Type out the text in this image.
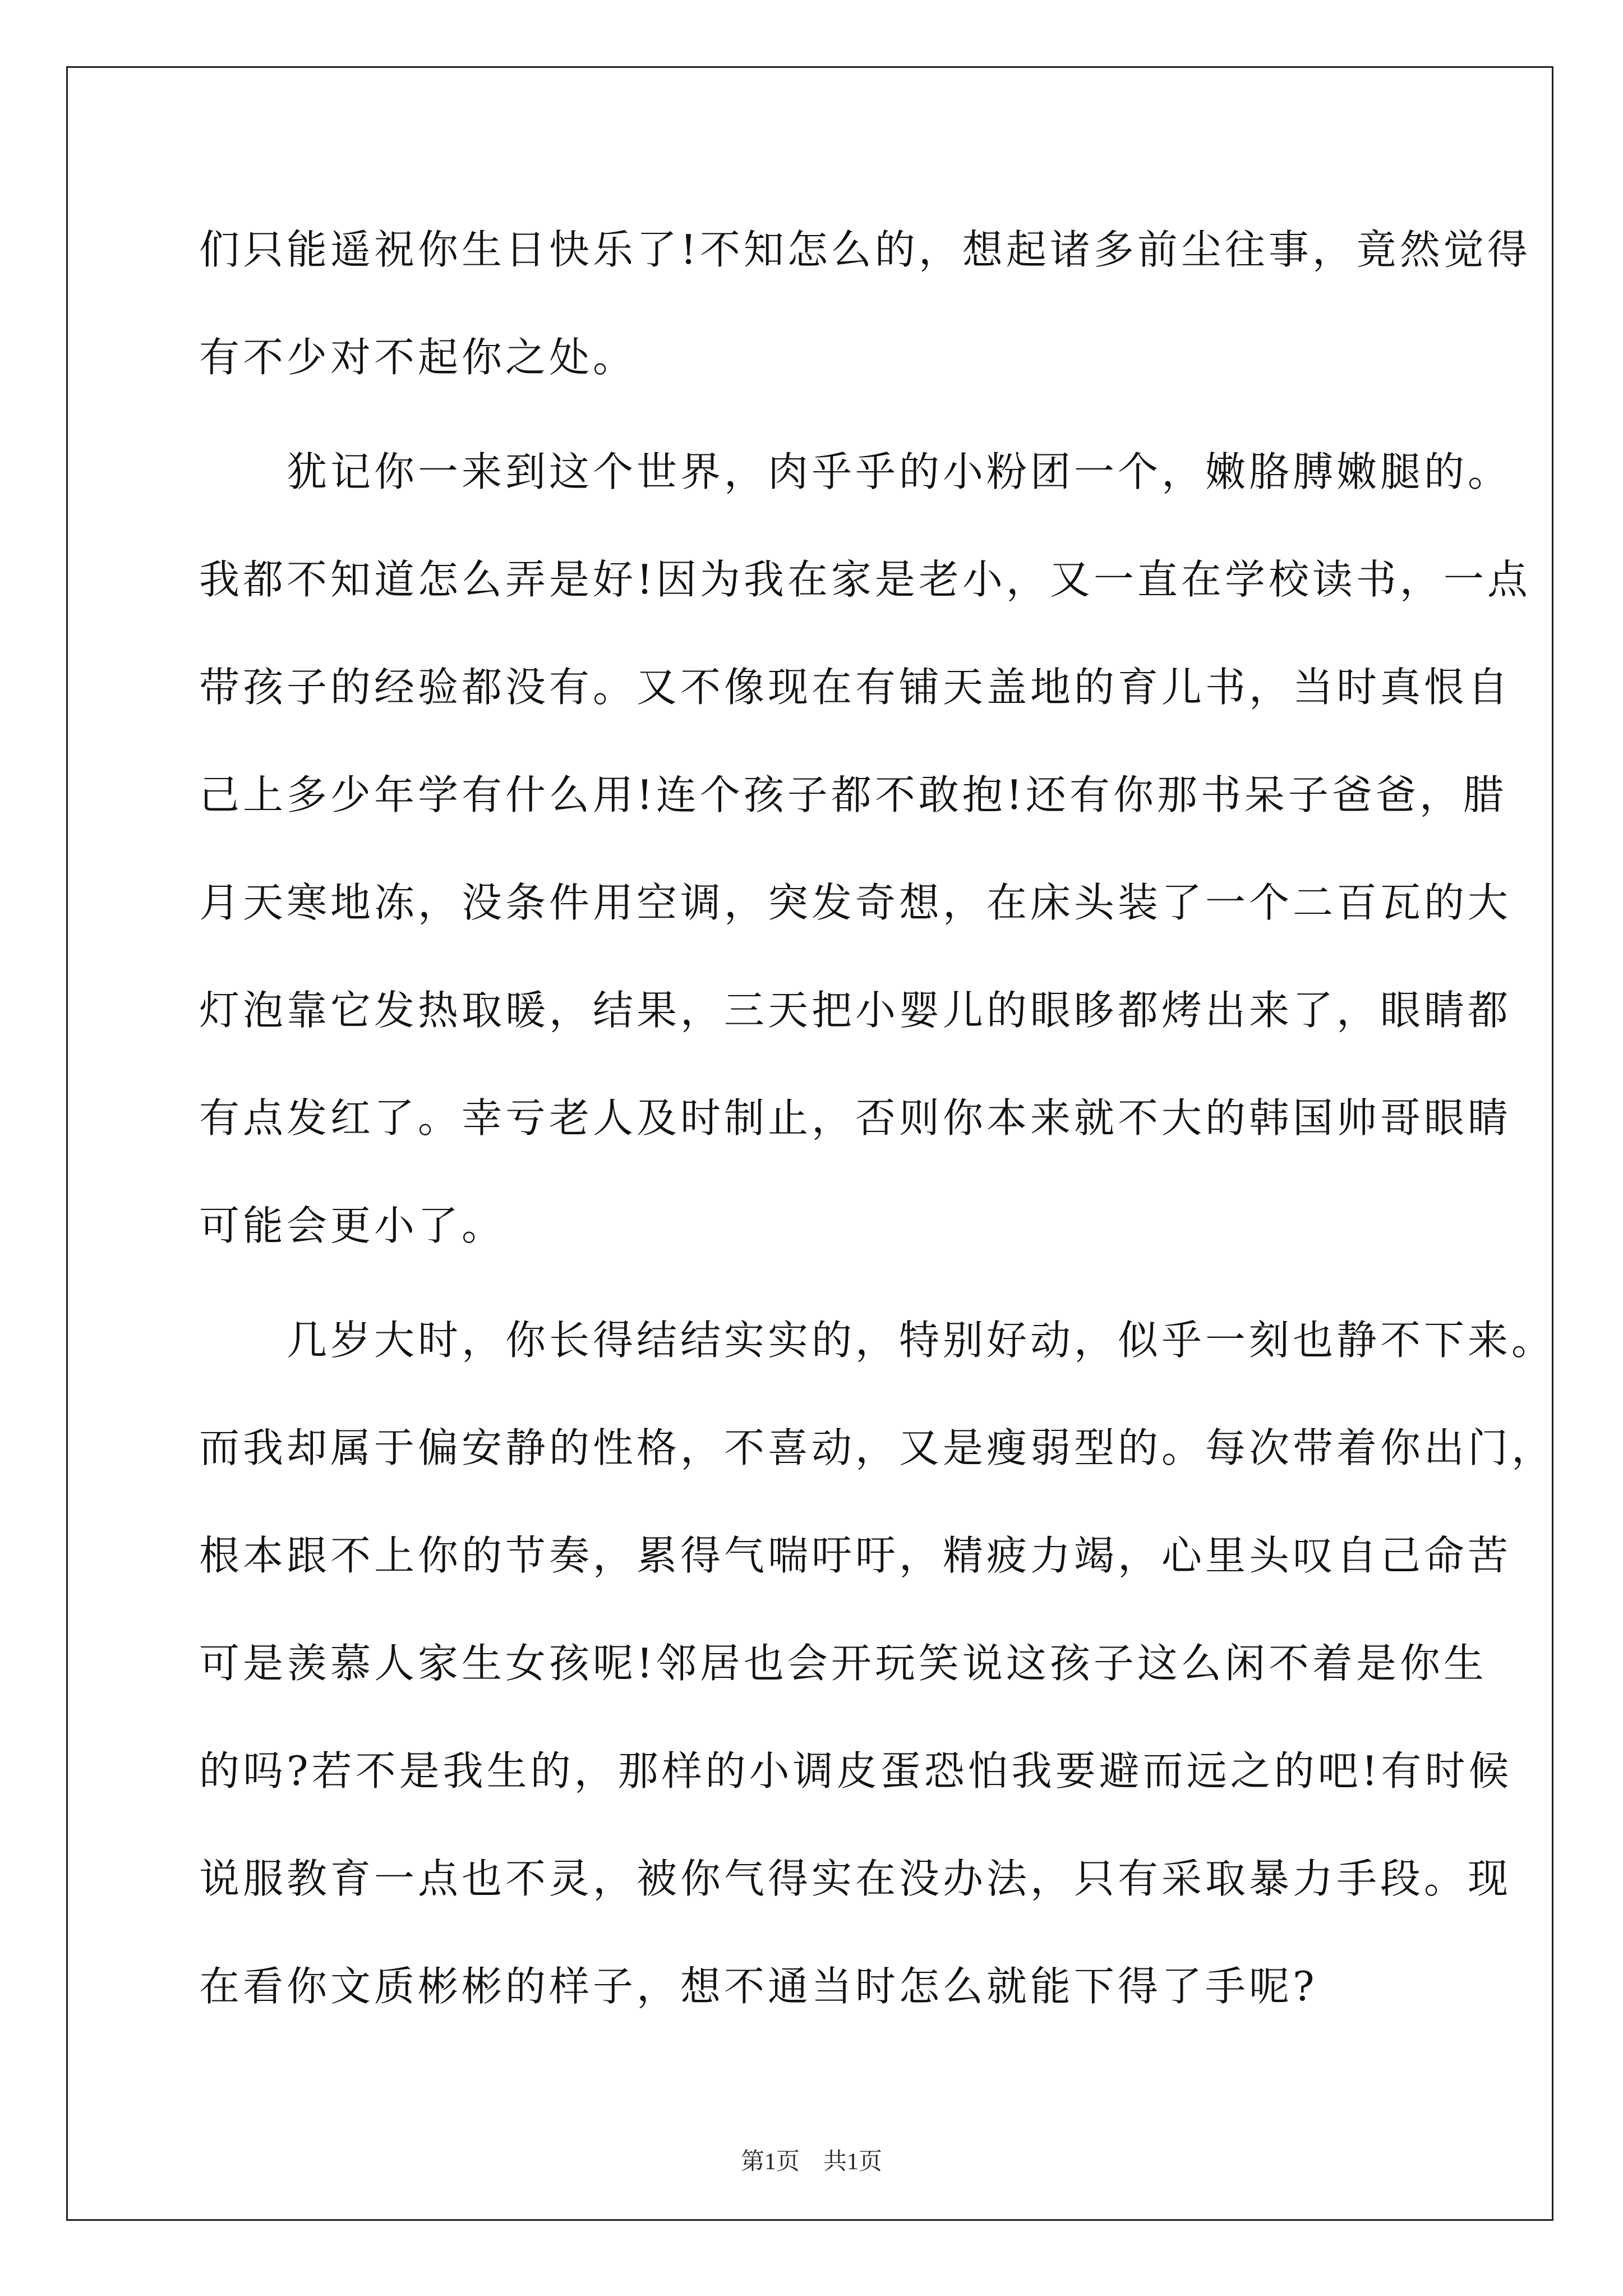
们只能遥祝你生日快乐了!不知怎么的，想起诸多前尘往事，竟然觉得
有不少对不起你之处。
　　犹记你一来到这个世界，肉乎乎的小粉团一个，嫩胳膊嫩腿的。
我都不知道怎么弄是好!因为我在家是老小，又一直在学校读书，一点
带孩子的经验都没有。又不像现在有铺天盖地的育儿书，当时真恨自
己上多少年学有什么用!连个孩子都不敢抱!还有你那书呆子爸爸，腊
月天寒地冻，没条件用空调，突发奇想，在床头装了一个二百瓦的大
灯泡靠它发热取暖，结果，三天把小婴儿的眼眵都烤出来了，眼睛都
有点发红了。幸亏老人及时制止，否则你本来就不大的韩国帅哥眼睛
可能会更小了。
　　几岁大时，你长得结结实实的，特别好动，似乎一刻也静不下来。
而我却属于偏安静的性格，不喜动，又是瘦弱型的。每次带着你出门，
根本跟不上你的节奏，累得气喘吁吁，精疲力竭，心里头叹自己命苦
可是羡慕人家生女孩呢!邻居也会开玩笑说这孩子这么闲不着是你生
的吗?若不是我生的，那样的小调皮蛋恐怕我要避而远之的吧!有时候
说服教育一点也不灵，被你气得实在没办法，只有采取暴力手段。现
在看你文质彬彬的样子，想不通当时怎么就能下得了手呢?
第1页　共1页
